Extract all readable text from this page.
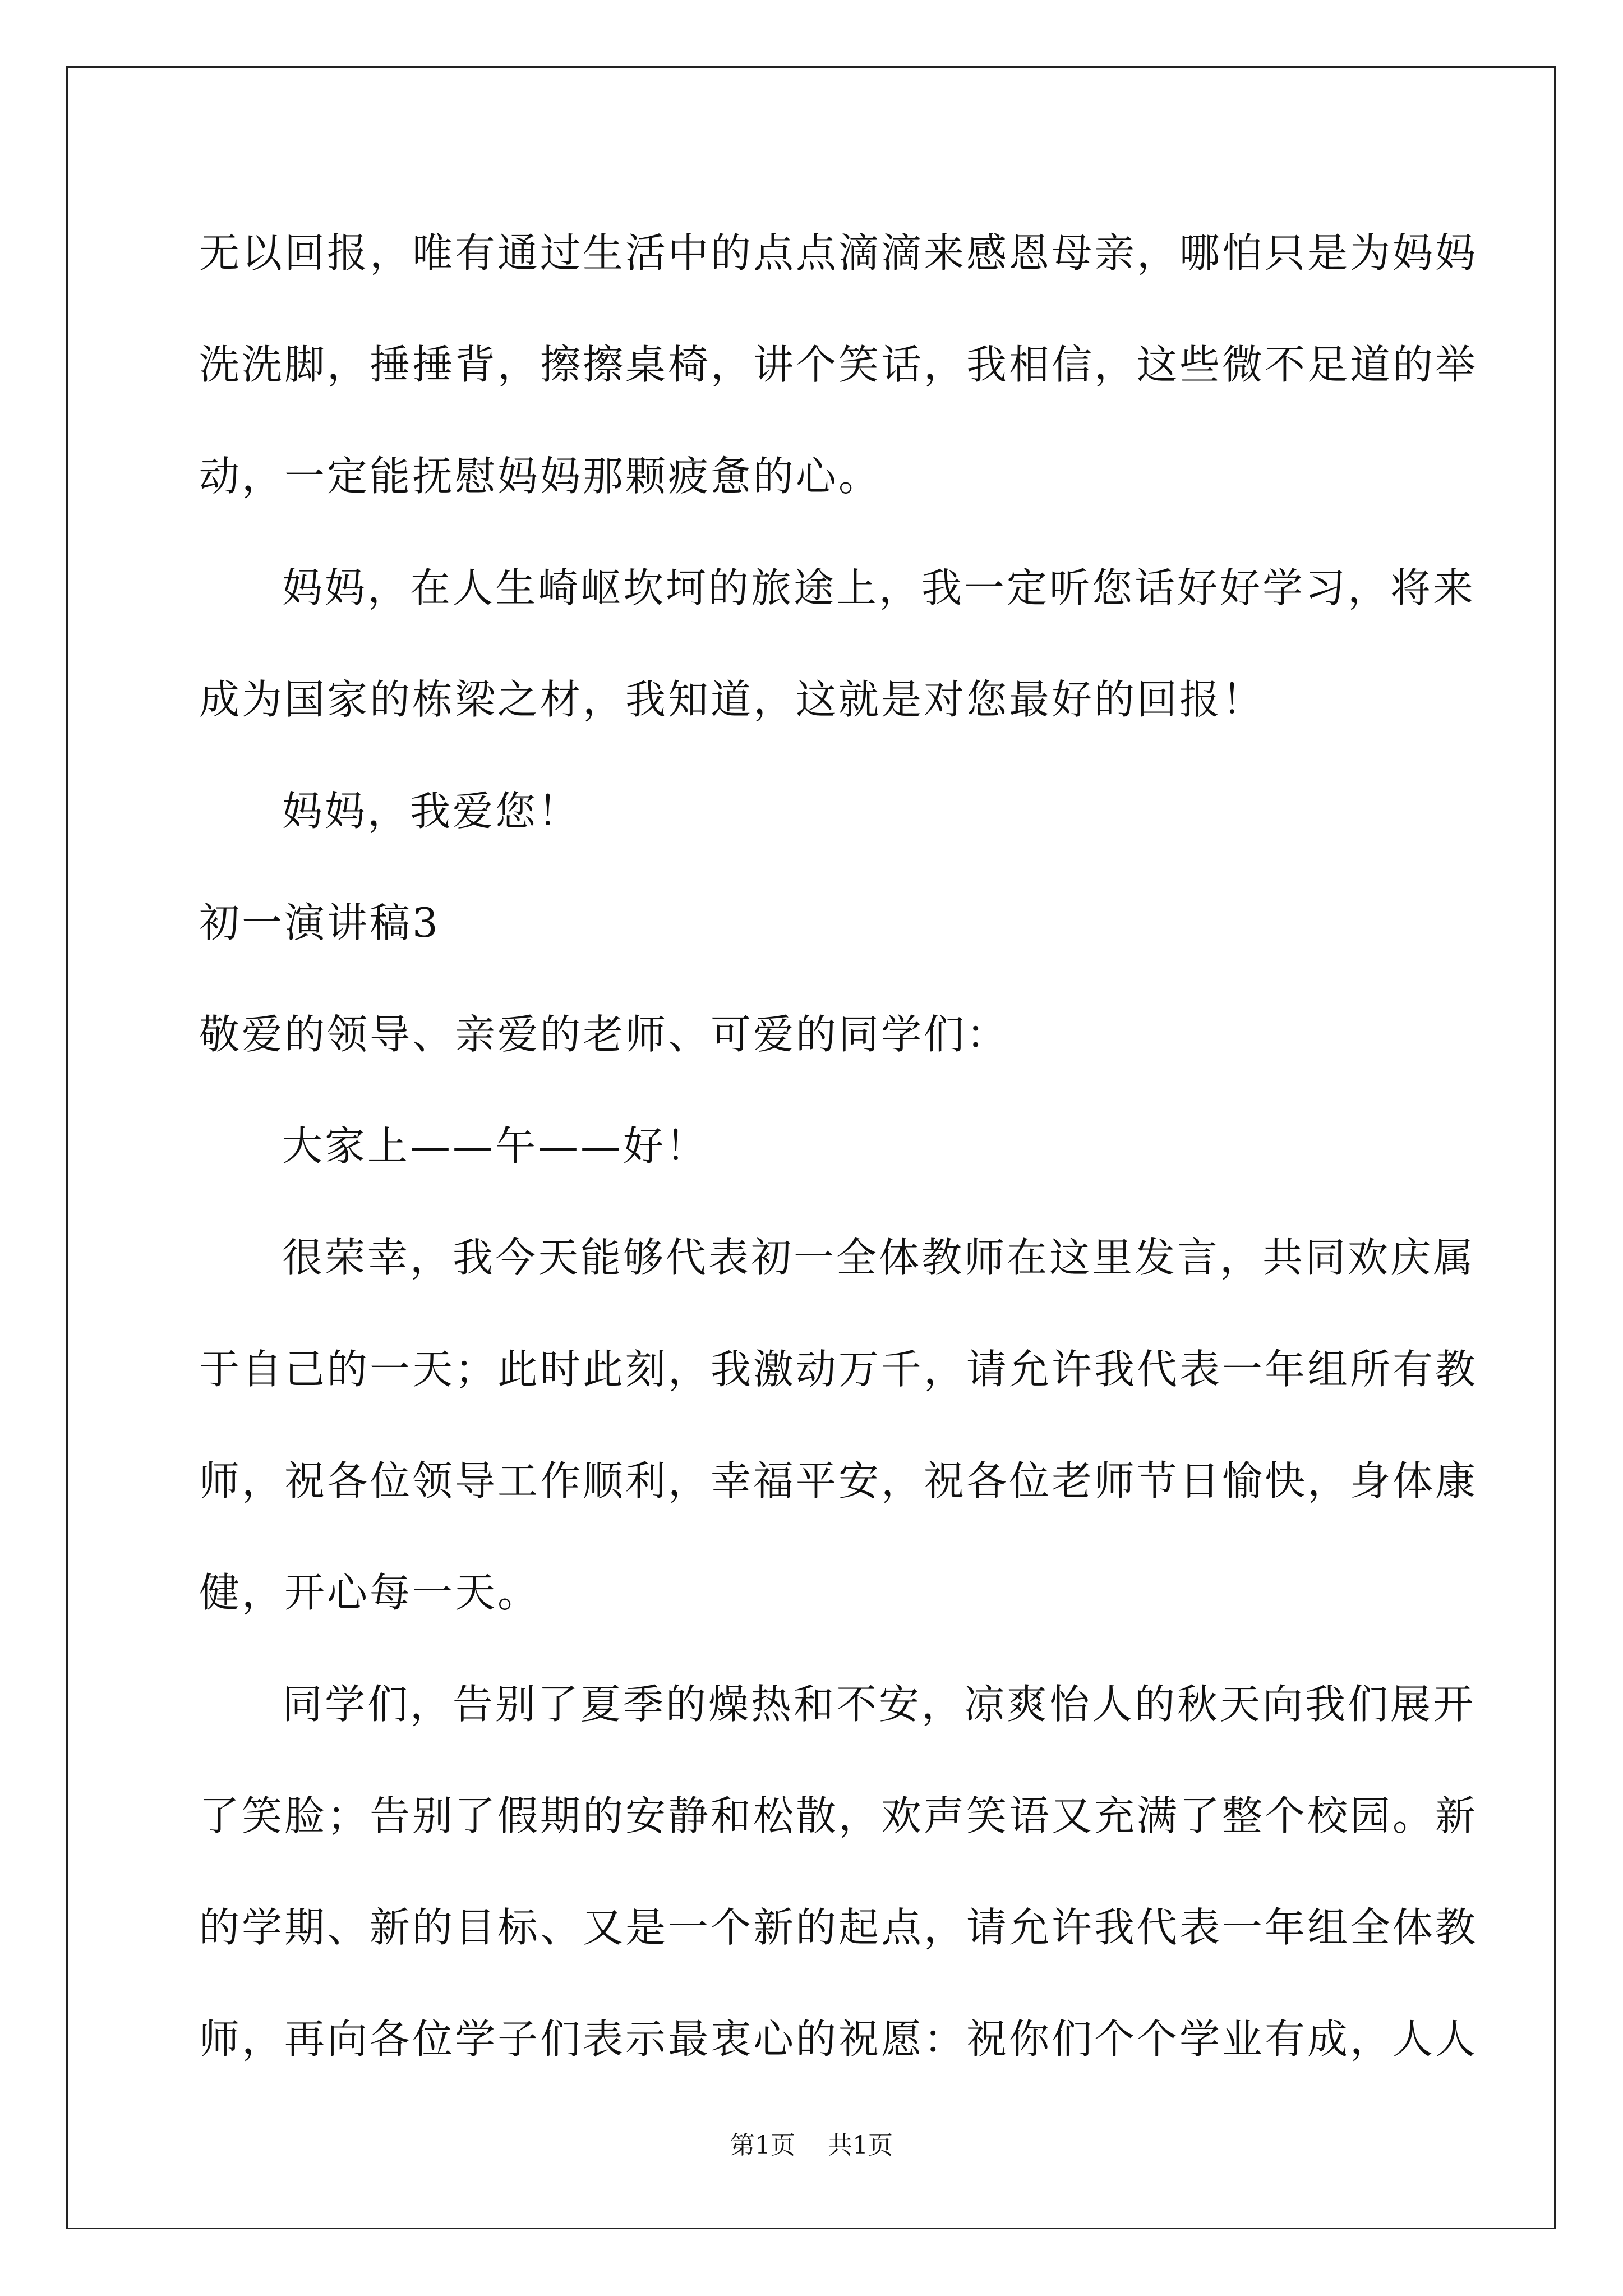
无以回报，唯有通过生活中的点点滴滴来感恩母亲，哪怕只是为妈妈
洗洗脚，捶捶背，擦擦桌椅，讲个笑话，我相信，这些微不足道的举
动，一定能抚慰妈妈那颗疲惫的心。
妈妈，在人生崎岖坎坷的旅途上，我一定听您话好好学习，将来
成为国家的栋梁之材，我知道，这就是对您最好的回报！
妈妈，我爱您！
初一演讲稿3
敬爱的领导、亲爱的老师、可爱的同学们：
大家上——午——好！
很荣幸，我今天能够代表初一全体教师在这里发言，共同欢庆属
于自己的一天；此时此刻，我激动万千，请允许我代表一年组所有教
师，祝各位领导工作顺利，幸福平安，祝各位老师节日愉快，身体康
健，开心每一天。
同学们，告别了夏季的燥热和不安，凉爽怡人的秋天向我们展开
了笑脸；告别了假期的安静和松散，欢声笑语又充满了整个校园。新
的学期、新的目标、又是一个新的起点，请允许我代表一年组全体教
师，再向各位学子们表示最衷心的祝愿：祝你们个个学业有成，人人
第1页 共1页
